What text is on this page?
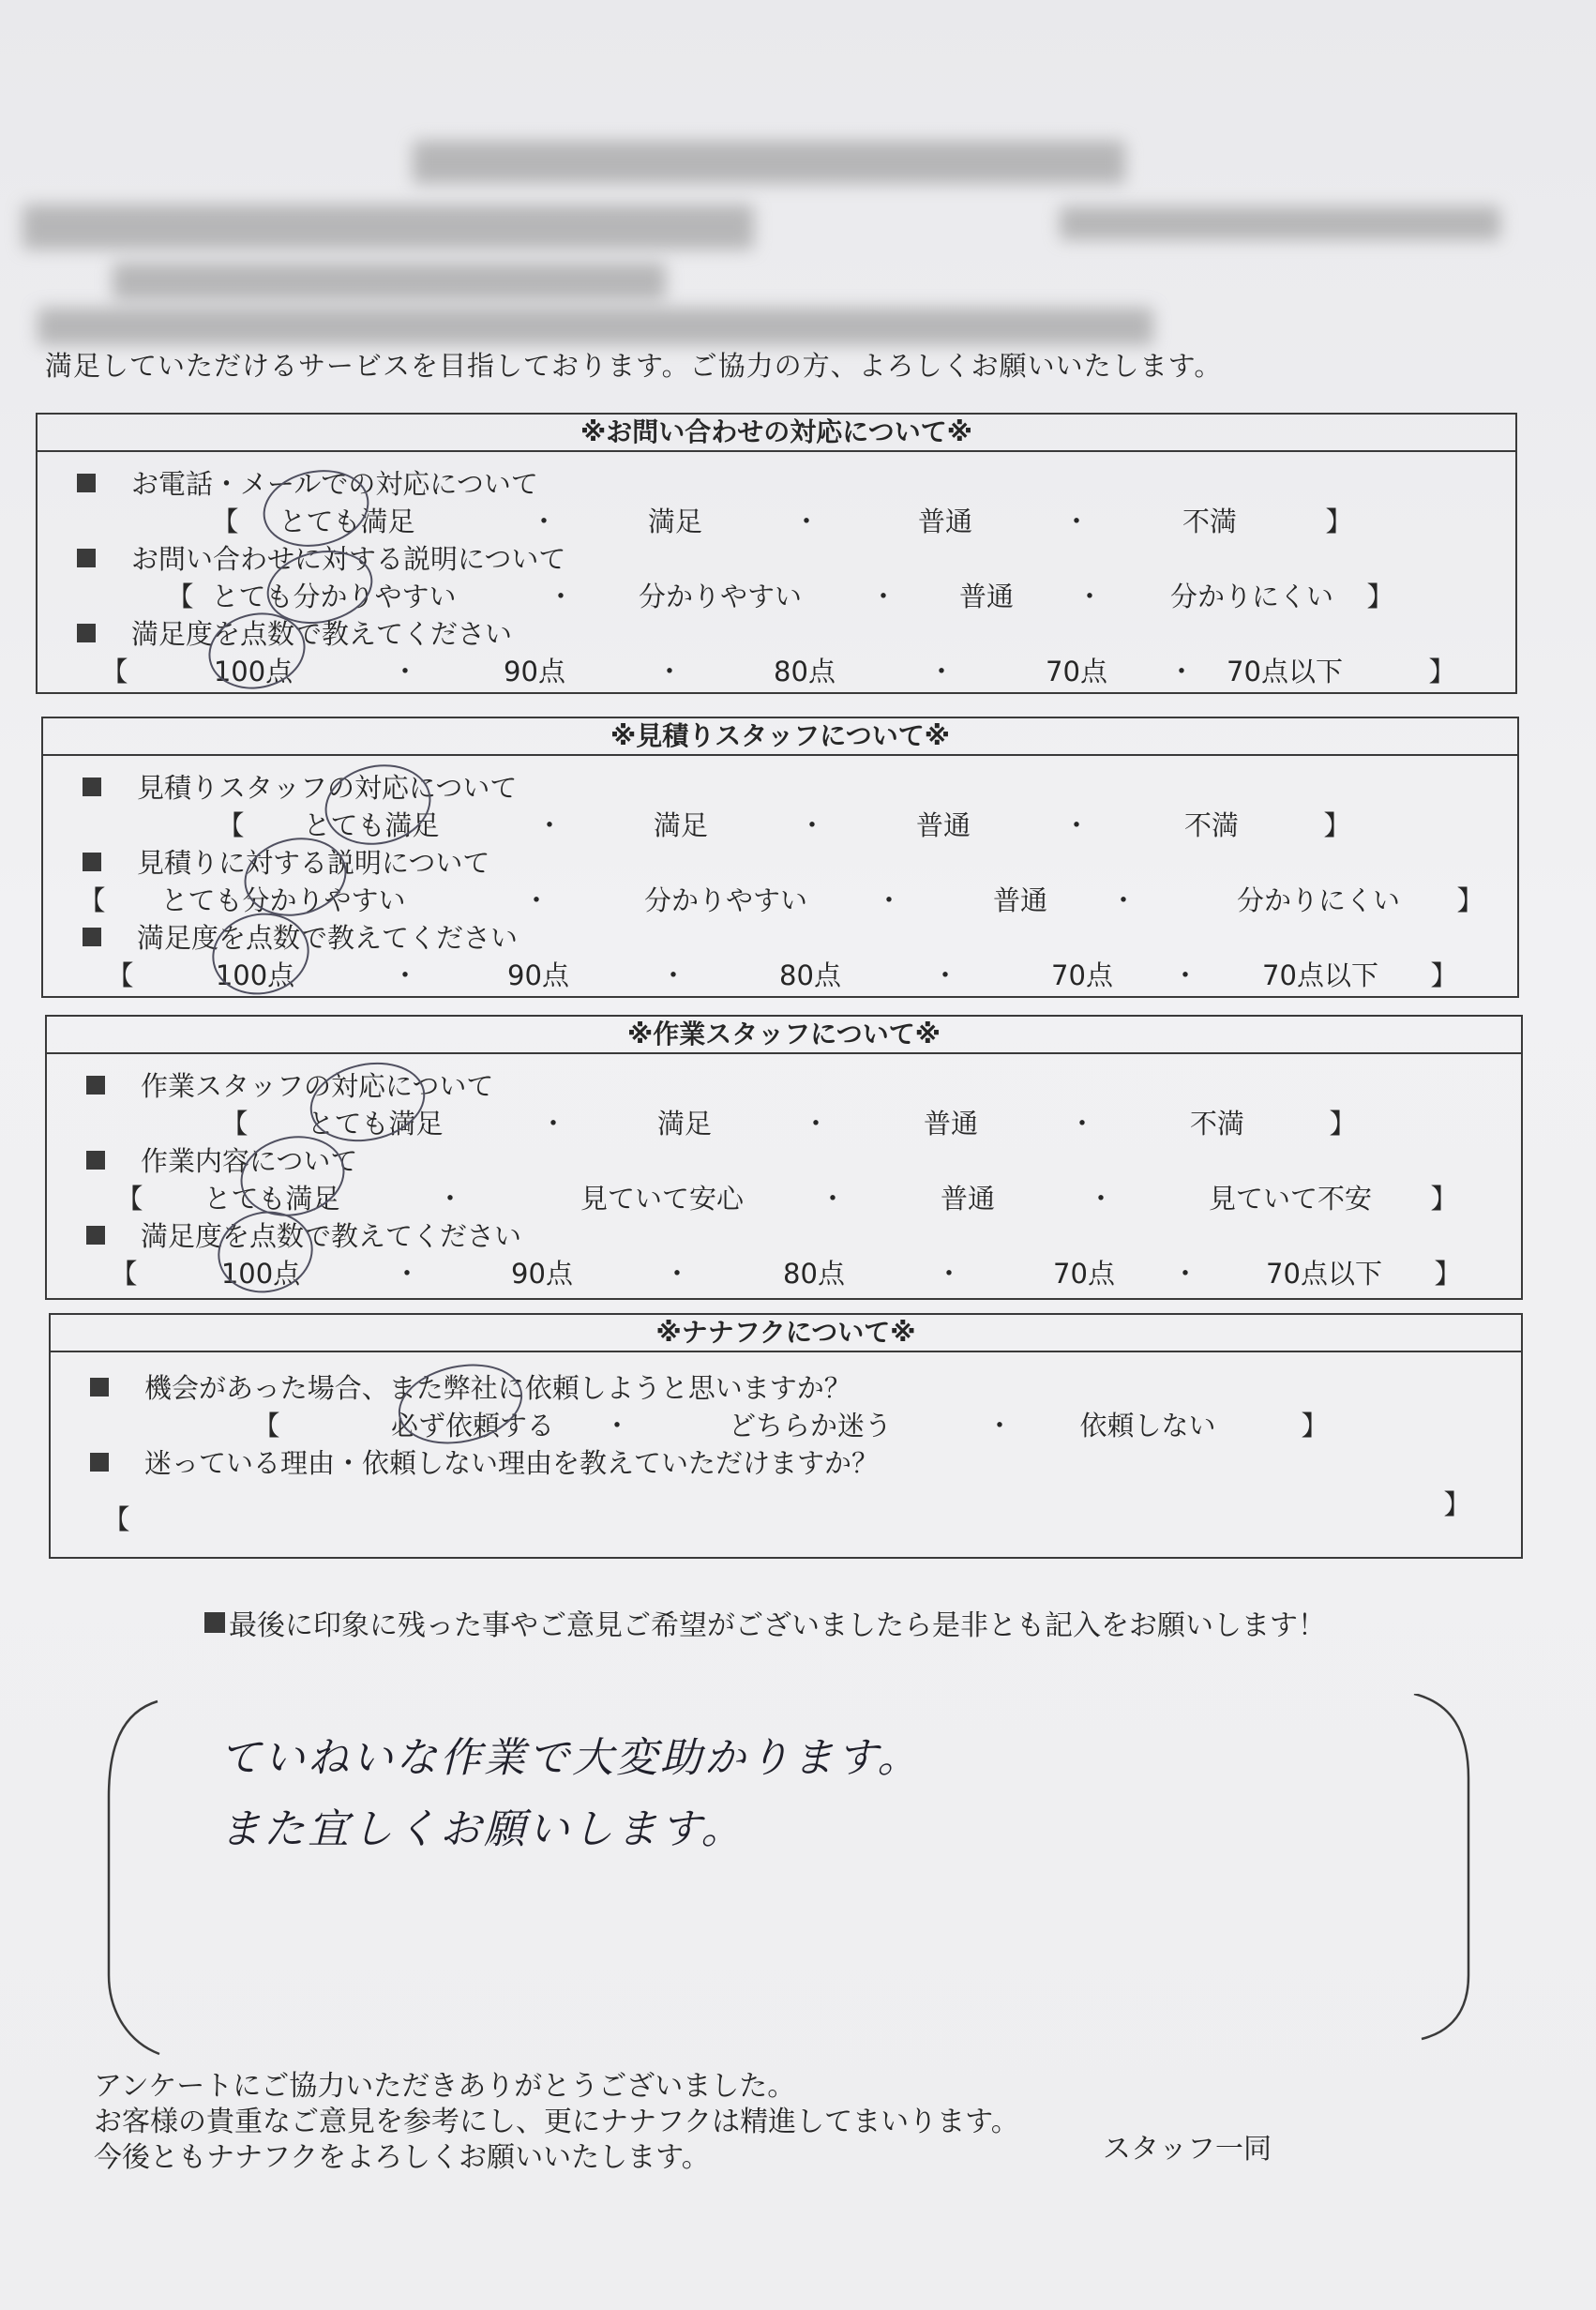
満足していただけるサービスを目指しております。ご協力の方、よろしくお願いいたします。
※お問い合わせの対応について※
お電話・メールでの対応について
【 とても満足	・	満足	・	普通	・	不満	】
お問い合わせに対する説明について
【 とても分かりやすい	・ 分かりやすい ・ 普通 ・ 分かりにくい 】
満足度を点数で教えてください
【	100点	・	90点	・	80点	・	70点 ・ 70点以下	】
※見積りスタッフについて※
見積りスタッフの対応について
【 とても満足	・	満足	・	普通	・	不満	】
見積りに対する説明について
【 とても分かりやすい	・	分かりやすい ・	普通 ・	分かりにくい 】
満足度を点数で教えてください
【	100点	・	90点	・	80点	・	70点 ・ 70点以下 】
※作業スタッフについて※
作業スタッフの対応について
【 とても満足	・	満足	・	普通	・	不満	】
作業内容について
【 とても満足	・	見ていて安心	・	普通	・	見ていて不安 】
満足度を点数で教えてください
【	100点	・	90点	・	80点	・	70点 ・ 70点以下 】
※ナナフクについて※
機会があった場合、また弊社に依頼しようと思いますか？
【	必ず依頼する ・	どちらか迷う	・ 依頼しない	】
迷っている理由・依頼しない理由を教えていただけますか？
【	】
最後に印象に残った事やご意見ご希望がございましたら是非とも記入をお願いします！
ていねいな作業で大変助かります。
また宜しくお願いします。
アンケートにご協力いただきありがとうございました。
お客様の貴重なご意見を参考にし、更にナナフクは精進してまいります。
今後ともナナフクをよろしくお願いいたします。	スタッフ一同
